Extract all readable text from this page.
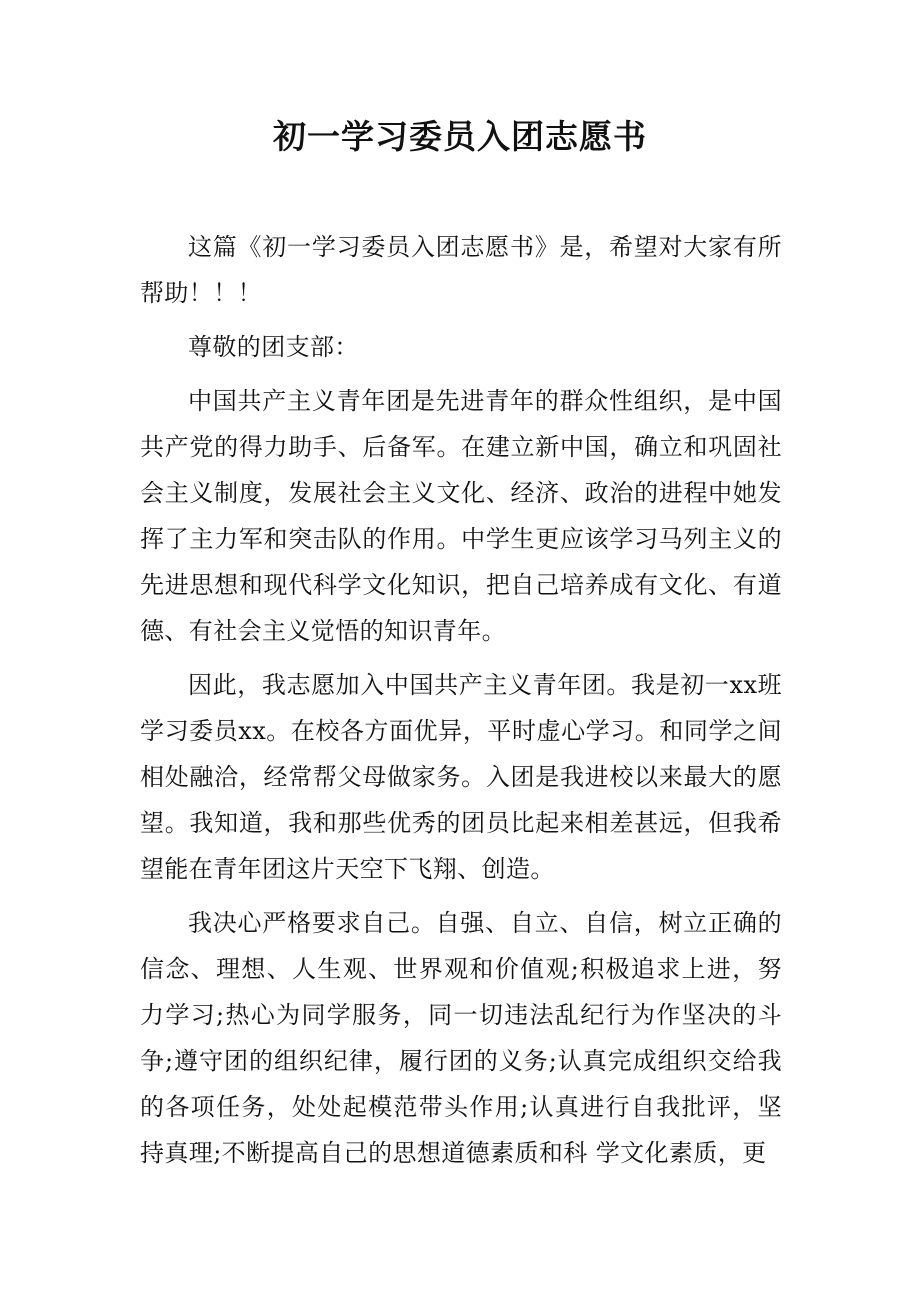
初一学习委员入团志愿书

这篇《初一学习委员入团志愿书》是，希望对大家有所帮助！！！

尊敬的团支部：

中国共产主义青年团是先进青年的群众性组织，是中国共产党的得力助手、后备军。在建立新中国，确立和巩固社会主义制度，发展社会主义文化、经济、政治的进程中她发挥了主力军和突击队的作用。中学生更应该学习马列主义的先进思想和现代科学文化知识，把自己培养成有文化、有道德、有社会主义觉悟的知识青年。

因此，我志愿加入中国共产主义青年团。我是初一xx班学习委员xx。在校各方面优异，平时虚心学习。和同学之间相处融洽，经常帮父母做家务。入团是我进校以来最大的愿望。我知道，我和那些优秀的团员比起来相差甚远，但我希望能在青年团这片天空下飞翔、创造。

我决心严格要求自己。自强、自立、自信，树立正确的信念、理想、人生观、世界观和价值观;积极追求上进，努力学习;热心为同学服务，同一切违法乱纪行为作坚决的斗争;遵守团的组织纪律，履行团的义务;认真完成组织交给我的各项任务，处处起模范带头作用;认真进行自我批评，坚持真理;不断提高自己的思想道德素质和科 学文化素质，更
